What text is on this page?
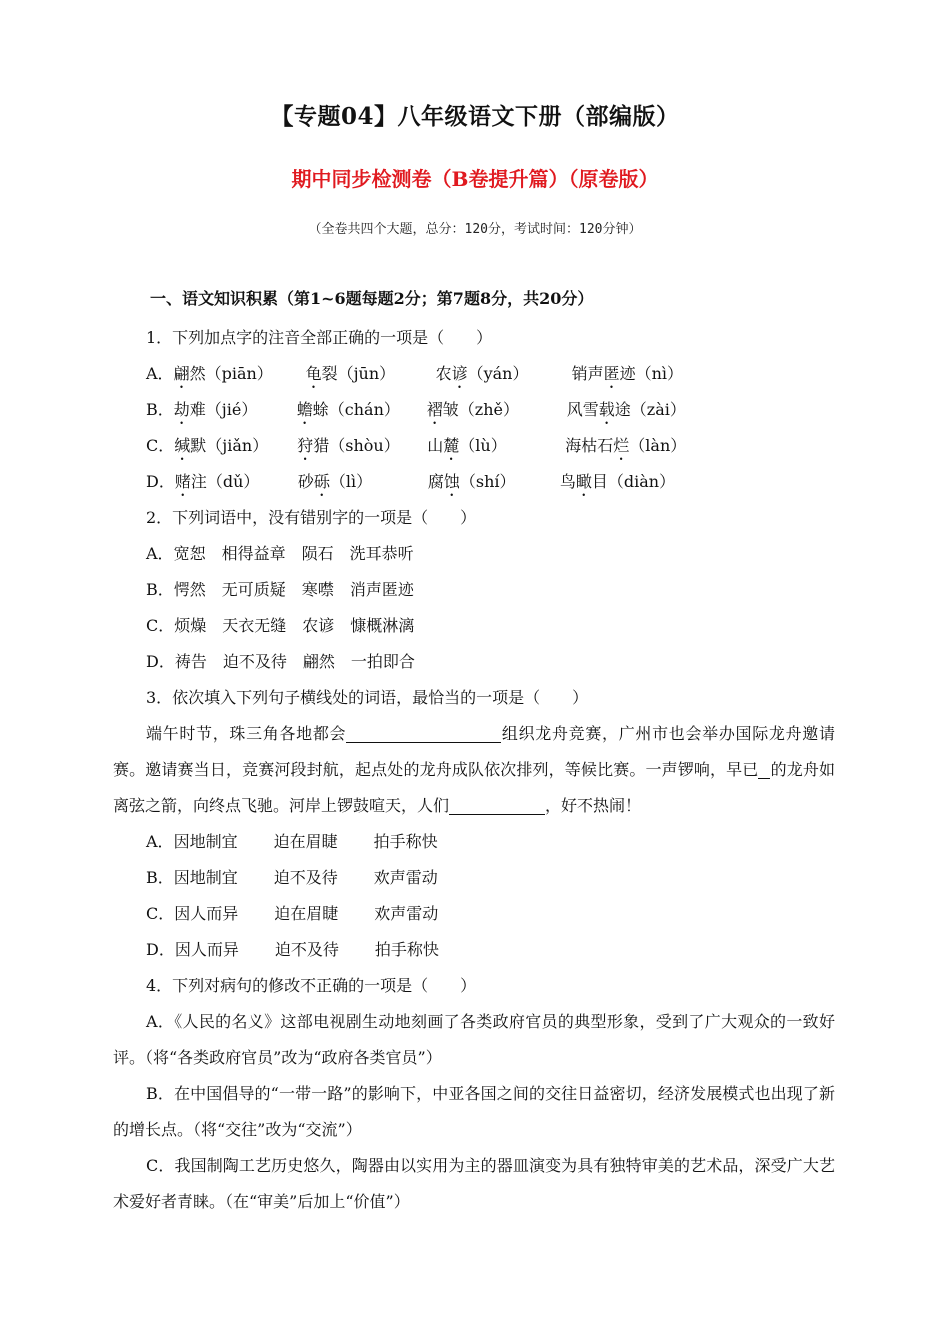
【专题04】八年级语文下册（部编版）
期中同步检测卷（B卷提升篇）（原卷版）
（全卷共四个大题，总分：120分，考试时间：120分钟）
一、语文知识积累（第1~6题每题2分；第7题8分，共20分）
1．下列加点字的注音全部正确的一项是（　　）
A．翩然（piān） 龟裂（jūn）	农谚（yán）	销声匿迹（nì）
B．劫难（jié） 蟾蜍（chán） 褶皱（zhě）	风雪载途（zài）
C．缄默（jiǎn） 狩猎（shòu） 山麓（lù）	海枯石烂（làn）
D．赌注（dǔ） 砂砾（lì）	腐蚀（shí）	鸟瞰目（diàn）
2．下列词语中，没有错别字的一项是（　　）
A．宽恕 相得益章 陨石 洗耳恭听
B．愕然 无可质疑 寒噤 消声匿迹
C．烦燥 天衣无缝 农谚 慷概淋漓
D．祷告 迫不及待 翩然 一拍即合
3．依次填入下列句子横线处的词语，最恰当的一项是（　　）
端午时节，珠三角各地都会	组织龙舟竞赛，广州市也会举办国际龙舟邀请赛。邀请赛当日，竞赛河段封航，起点处的龙舟成队依次排列，等候比赛。一声锣响，早已 的龙舟如离弦之箭，向终点飞驰。河岸上锣鼓喧天，人们	，好不热闹！
A．因地制宜 迫在眉睫 拍手称快
B．因地制宜 迫不及待 欢声雷动
C．因人而异 迫在眉睫 欢声雷动
D．因人而异 迫不及待 拍手称快
4．下列对病句的修改不正确的一项是（　　）
A．《人民的名义》这部电视剧生动地刻画了各类政府官员的典型形象，受到了广大观众的一致好评。（将“各类政府官员”改为“政府各类官员”）
B．在中国倡导的“一带一路”的影响下，中亚各国之间的交往日益密切，经济发展模式也出现了新的增长点。（将“交往”改为“交流”）
C．我国制陶工艺历史悠久，陶器由以实用为主的器皿演变为具有独特审美的艺术品，深受广大艺术爱好者青睐。（在“审美”后加上“价值”）
